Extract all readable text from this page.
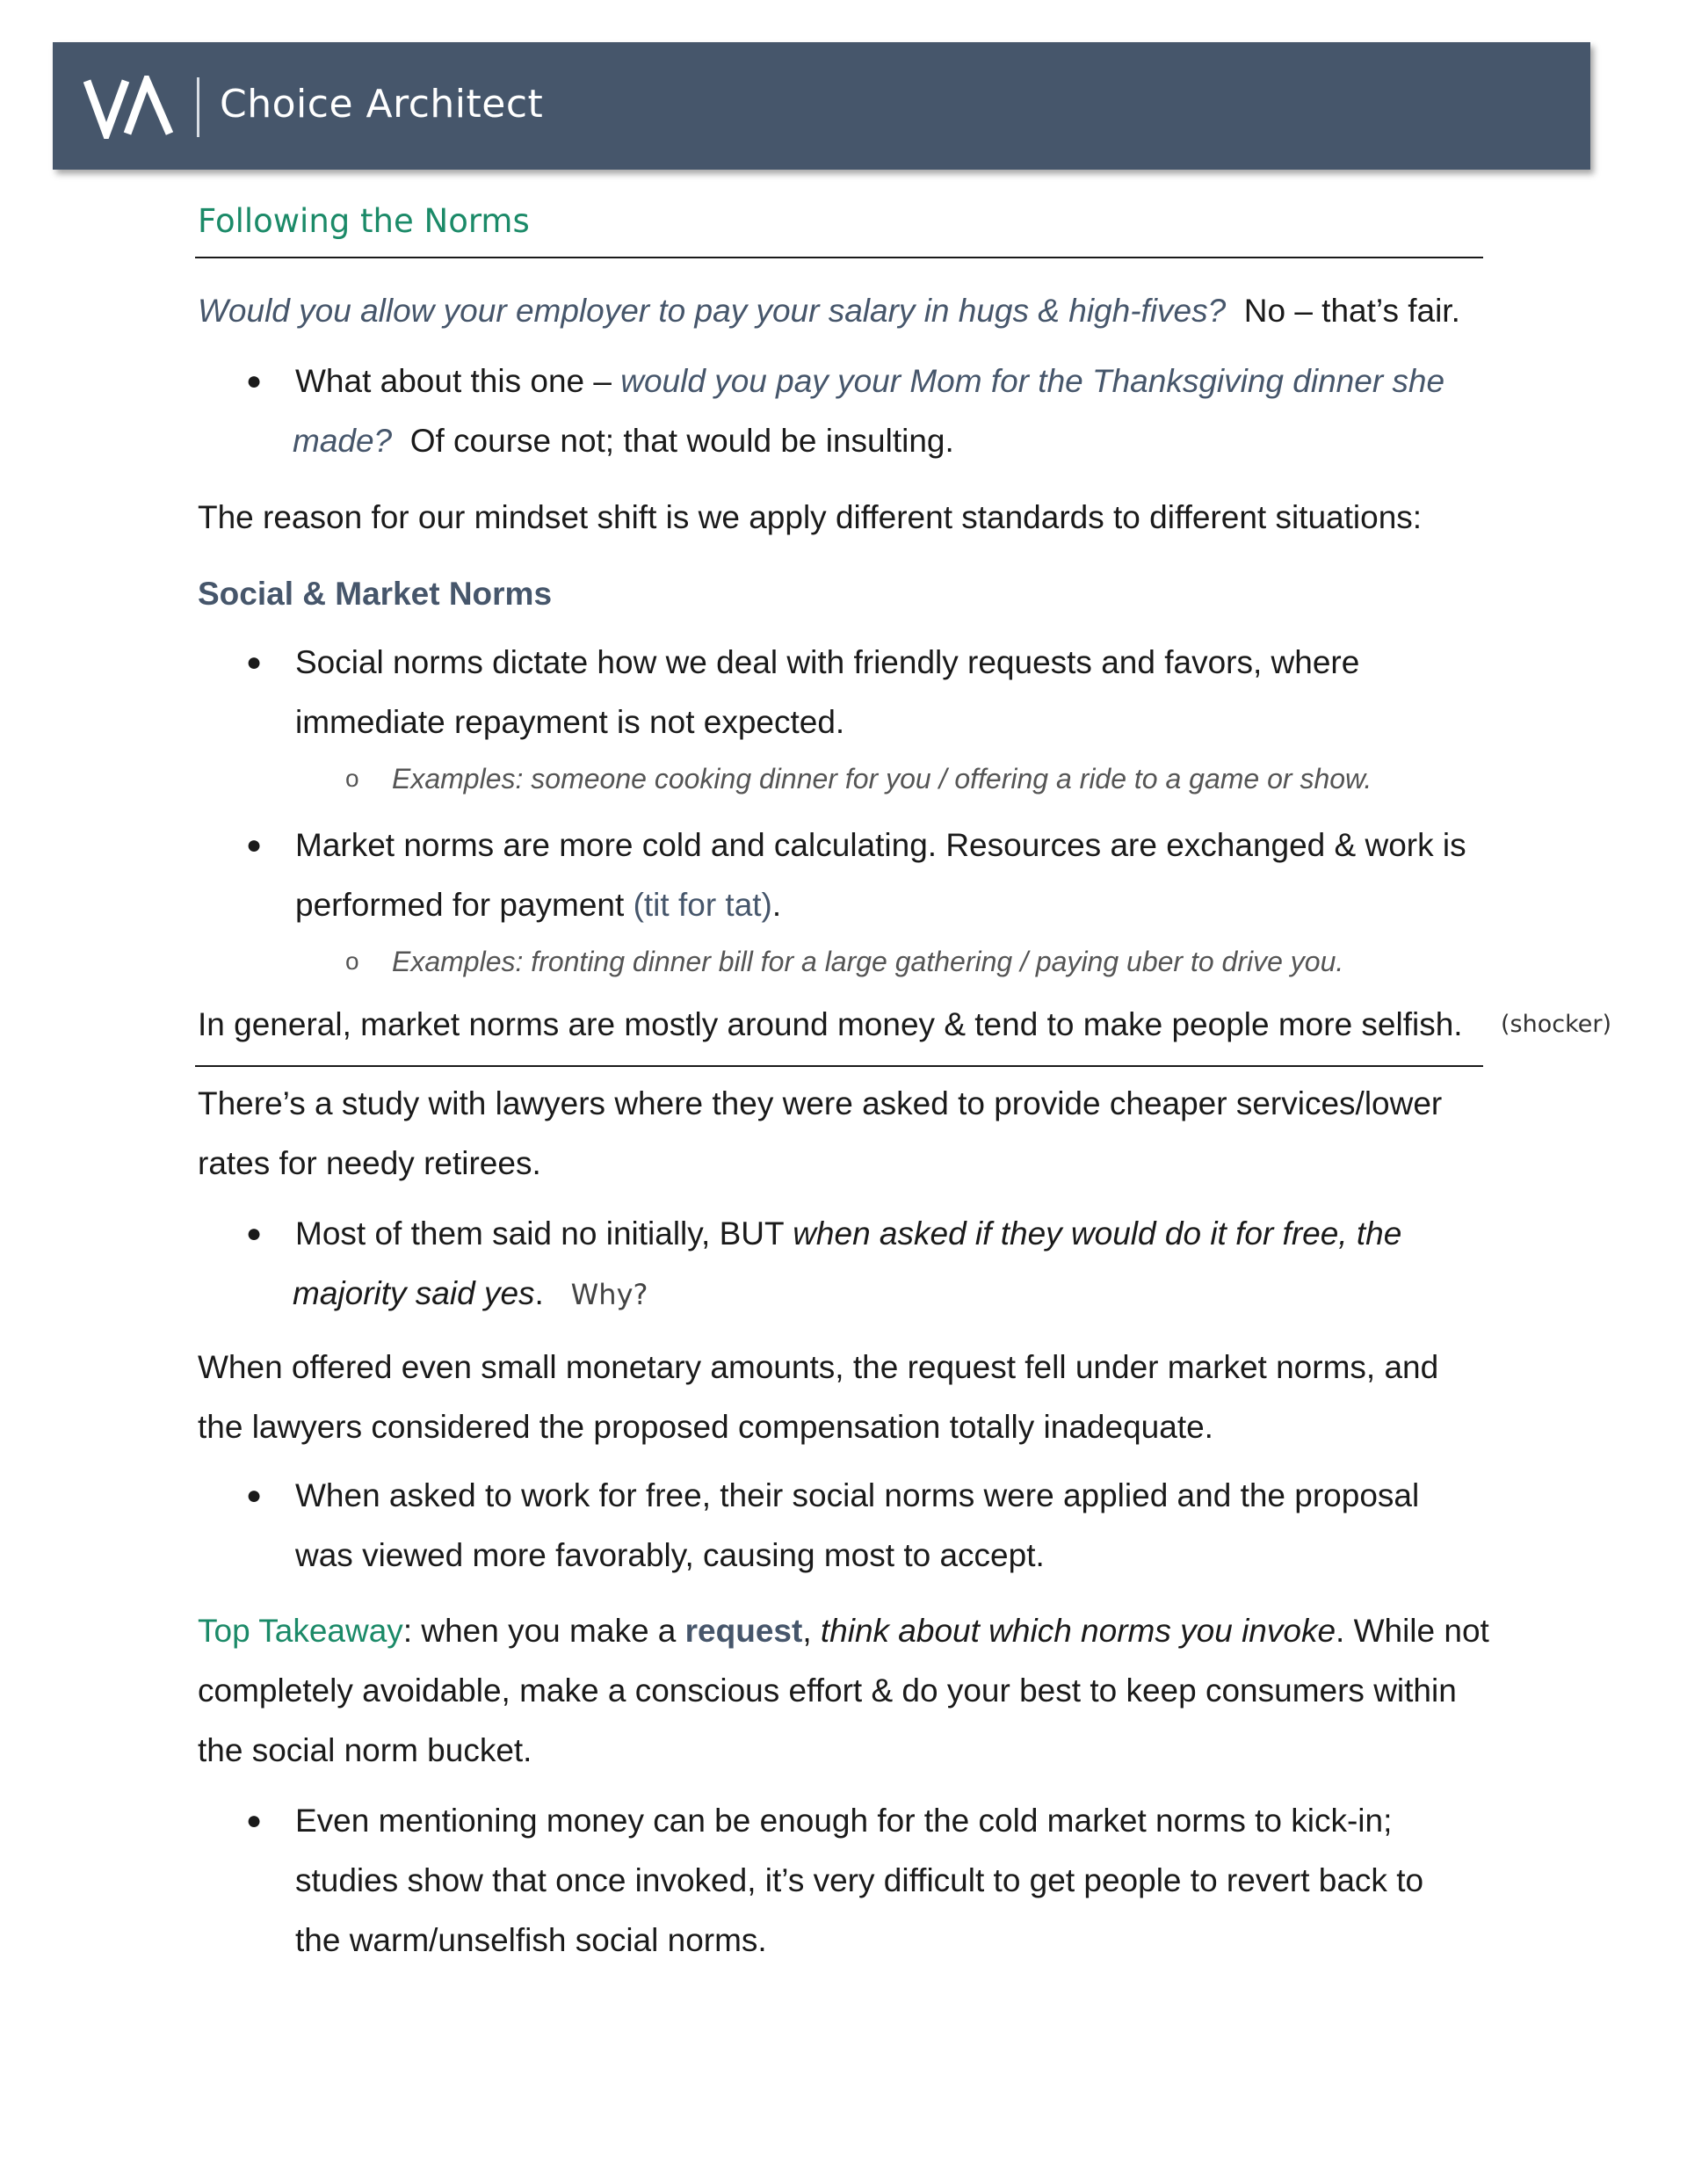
Choice Architect
Following the Norms
Would you allow your employer to pay your salary in hugs & high-fives? No – that’s fair.
● What about this one – would you pay your Mom for the Thanksgiving dinner she
made? Of course not; that would be insulting.
The reason for our mindset shift is we apply different standards to different situations:
Social & Market Norms
● Social norms dictate how we deal with friendly requests and favors, where
immediate repayment is not expected.
o Examples: someone cooking dinner for you / offering a ride to a game or show.
● Market norms are more cold and calculating. Resources are exchanged & work is
performed for payment (tit for tat).
o Examples: fronting dinner bill for a large gathering / paying uber to drive you.
In general, market norms are mostly around money & tend to make people more selfish. (shocker)
There’s a study with lawyers where they were asked to provide cheaper services/lower
rates for needy retirees.
● Most of them said no initially, BUT when asked if they would do it for free, the
majority said yes. Why?
When offered even small monetary amounts, the request fell under market norms, and
the lawyers considered the proposed compensation totally inadequate.
● When asked to work for free, their social norms were applied and the proposal
was viewed more favorably, causing most to accept.
Top Takeaway: when you make a request, think about which norms you invoke. While not
completely avoidable, make a conscious effort & do your best to keep consumers within
the social norm bucket.
● Even mentioning money can be enough for the cold market norms to kick-in;
studies show that once invoked, it’s very difficult to get people to revert back to
the warm/unselfish social norms.
